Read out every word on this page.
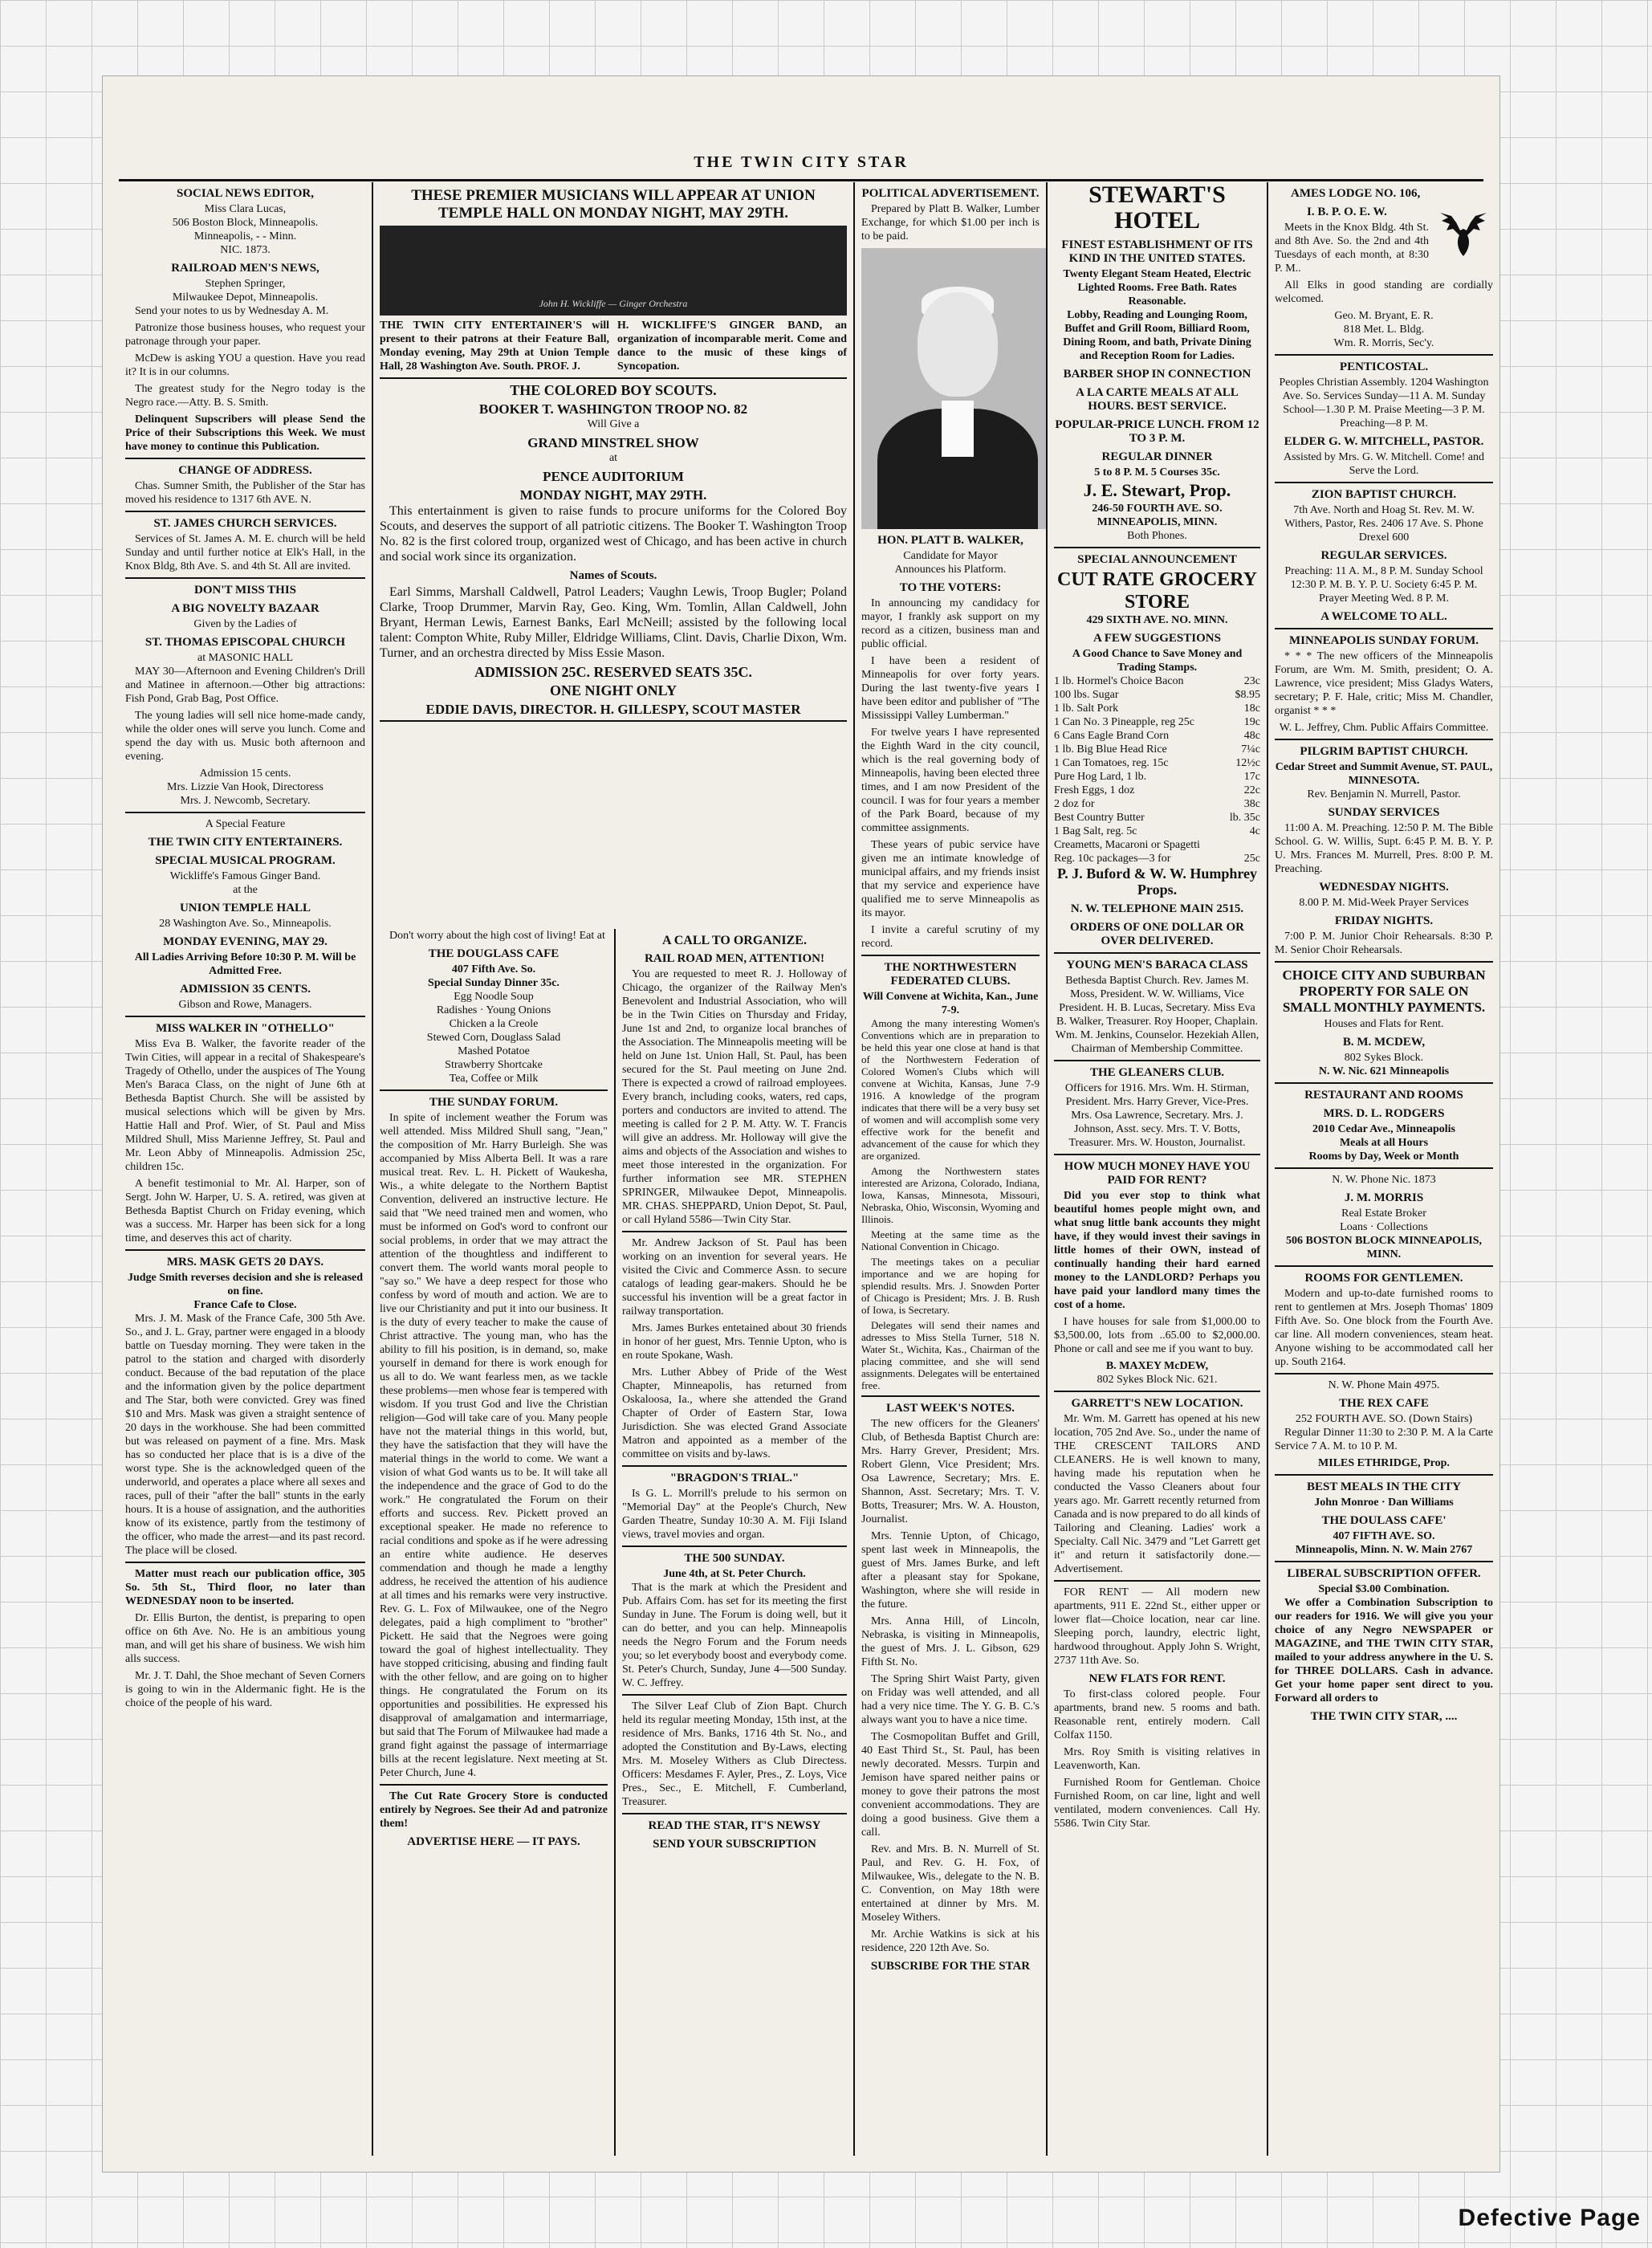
THE TWIN CITY STAR
SOCIAL NEWS EDITOR,
Miss Clara Lucas,
506 Boston Block, Minneapolis.
Minneapolis, - - Minn.
NIC. 1873.
RAILROAD MEN'S NEWS,
Stephen Springer,
Milwaukee Depot, Minneapolis.

Send your notes to us by Wednesday A. M.

Patronize those business houses, who request your patronage through your paper.

McDew is asking YOU a question. Have you read it? It is in our columns.

The greatest study for the Negro today is the Negro race.—Atty. B. S. Smith.

Delinquent Supscribers will please Send the Price of their Subscriptions this Week. We must have money to continue this Publication.

CHANGE OF ADDRESS.

Chas. Sumner Smith, the Publisher of the Star has moved his residence to 1317 6th AVE. N.

ST. JAMES CHURCH SERVICES.

Services of St. James A. M. E. church will be held Sunday and until further notice at Elk's Hall, in the Knox Bldg, 8th Ave. S. and 4th St. All are invited.

DON'T MISS THIS
A BIG NOVELTY BAZAAR
Given by the Ladies of
ST. THOMAS EPISCOPAL CHURCH
at MASONIC HALL

MAY 30—Afternoon and Evening Children's Drill and Matinee in afternoon.—Other big attractions: Fish Pond, Grab Bag, Post Office.

The young ladies will sell nice home-made candy, while the older ones will serve you lunch. Come and spend the day with us. Music both afternoon and evening.

Admission 15 cents.
Mrs. Lizzie Van Hook, Directoress
Mrs. J. Newcomb, Secretary.
A Special Feature
THE TWIN CITY ENTERTAINERS.
SPECIAL MUSICAL PROGRAM.
Wickliffe's Famous Ginger Band.
at the
UNION TEMPLE HALL
28 Washington Ave. So., Minneapolis.
MONDAY EVENING, MAY 29.
All Ladies Arriving Before 10:30 P. M. Will be Admitted Free.
ADMISSION 35 CENTS.
Gibson and Rowe, Managers.
MISS WALKER IN "OTHELLO"

Miss Eva B. Walker, the favorite reader of the Twin Cities, will appear in a recital of Shakespeare's Tragedy of Othello, under the auspices of The Young Men's Baraca Class, on the night of June 6th at Bethesda Baptist Church. She will be assisted by musical selections which will be given by Mrs. Hattie Hall and Prof. Wier, of St. Paul and Miss Mildred Shull, Miss Marienne Jeffrey, St. Paul and Mr. Leon Abby of Minneapolis. Admission 25c, children 15c.

A benefit testimonial to Mr. Al. Harper, son of Sergt. John W. Harper, U. S. A. retired, was given at Bethesda Baptist Church on Friday evening, which was a success. Mr. Harper has been sick for a long time, and deserves this act of charity.

MRS. MASK GETS 20 DAYS.
Judge Smith reverses decision and she is released on fine.
France Cafe to Close.

Mrs. J. M. Mask of the France Cafe, 300 5th Ave. So., and J. L. Gray, partner were engaged in a bloody battle on Tuesday morning. They were taken in the patrol to the station and charged with disorderly conduct. Because of the bad reputation of the place and the information given by the police department and The Star, both were convicted. Grey was fined $10 and Mrs. Mask was given a straight sentence of 20 days in the workhouse. She had been committed but was released on payment of a fine. Mrs. Mask has so conducted her place that is is a dive of the worst type. She is the acknowledged queen of the underworld, and operates a place where all sexes and races, pull of their "after the ball" stunts in the early hours. It is a house of assignation, and the authorities know of its existence, partly from the testimony of the officer, who made the arrest—and its past record. The place will be closed.

Matter must reach our publication office, 305 So. 5th St., Third floor, no later than WEDNESDAY noon to be inserted.

Dr. Ellis Burton, the dentist, is preparing to open office on 6th Ave. No. He is an ambitious young man, and will get his share of business. We wish him alls success.

Mr. J. T. Dahl, the Shoe mechant of Seven Corners is going to win in the Aldermanic fight. He is the choice of the people of his ward.

THESE PREMIER MUSICIANS WILL APPEAR AT UNION TEMPLE HALL ON MONDAY NIGHT, MAY 29TH.
John H. Wickliffe — Ginger Orchestra
THE TWIN CITY ENTERTAINER'S will present to their patrons at their Feature Ball, Monday evening, May 29th at Union Temple Hall, 28 Washington Ave. South. PROF. J.
H. WICKLIFFE'S GINGER BAND, an organization of incomparable merit. Come and dance to the music of these kings of Syncopation.
THE COLORED BOY SCOUTS.
BOOKER T. WASHINGTON TROOP NO. 82
Will Give a
GRAND MINSTREL SHOW
at
PENCE AUDITORIUM
MONDAY NIGHT, MAY 29TH.

This entertainment is given to raise funds to procure uniforms for the Colored Boy Scouts, and deserves the support of all patriotic citizens. The Booker T. Washington Troop No. 82 is the first colored troup, organized west of Chicago, and has been active in church and social work since its organization.

Names of Scouts.

Earl Simms, Marshall Caldwell, Patrol Leaders; Vaughn Lewis, Troop Bugler; Poland Clarke, Troop Drummer, Marvin Ray, Geo. King, Wm. Tomlin, Allan Caldwell, John Bryant, Herman Lewis, Earnest Banks, Earl McNeill; assisted by the following local talent: Compton White, Ruby Miller, Eldridge Williams, Clint. Davis, Charlie Dixon, Wm. Turner, and an orchestra directed by Miss Essie Mason.

ADMISSION 25C. RESERVED SEATS 35C.
ONE NIGHT ONLY
EDDIE DAVIS, DIRECTOR. H. GILLESPY, SCOUT MASTER

Don't worry about the high cost of living! Eat at

THE DOUGLASS CAFE
407 Fifth Ave. So.
Special Sunday Dinner 35c.
Egg Noodle Soup
Radishes · Young Onions
Chicken a la Creole
Stewed Corn, Douglass Salad
Mashed Potatoe
Strawberry Shortcake
Tea, Coffee or Milk
THE SUNDAY FORUM.

In spite of inclement weather the Forum was well attended. Miss Mildred Shull sang, "Jean," the composition of Mr. Harry Burleigh. She was accompanied by Miss Alberta Bell. It was a rare musical treat. Rev. L. H. Pickett of Waukesha, Wis., a white delegate to the Northern Baptist Convention, delivered an instructive lecture. He said that "We need trained men and women, who must be informed on God's word to confront our social problems, in order that we may attract the attention of the thoughtless and indifferent to convert them. The world wants moral people to "say so." We have a deep respect for those who confess by word of mouth and action. We are to live our Christianity and put it into our business. It is the duty of every teacher to make the cause of Christ attractive. The young man, who has the ability to fill his position, is in demand, so, make yourself in demand for there is work enough for us all to do. We want fearless men, as we tackle these problems—men whose fear is tempered with wisdom. If you trust God and live the Christian religion—God will take care of you. Many people have not the material things in this world, but, they have the satisfaction that they will have the material things in the world to come. We want a vision of what God wants us to be. It will take all the independence and the grace of God to do the work." He congratulated the Forum on their efforts and success. Rev. Pickett proved an exceptional speaker. He made no reference to racial conditions and spoke as if he were adressing an entire white audience. He deserves commendation and though he made a lengthy address, he received the attention of his audience at all times and his remarks were very instructive. Rev. G. L. Fox of Milwaukee, one of the Negro delegates, paid a high compliment to "brother" Pickett. He said that the Negroes were going toward the goal of highest intellectuality. They have stopped criticising, abusing and finding fault with the other fellow, and are going on to higher things. He congratulated the Forum on its opportunities and possibilities. He expressed his disapproval of amalgamation and intermarriage, but said that The Forum of Milwaukee had made a grand fight against the passage of intermarriage bills at the recent legislature. Next meeting at St. Peter Church, June 4.

The Cut Rate Grocery Store is conducted entirely by Negroes. See their Ad and patronize them!

ADVERTISE HERE — IT PAYS.
A CALL TO ORGANIZE.
RAIL ROAD MEN, ATTENTION!

You are requested to meet R. J. Holloway of Chicago, the organizer of the Railway Men's Benevolent and Industrial Association, who will be in the Twin Cities on Thursday and Friday, June 1st and 2nd, to organize local branches of the Association. The Minneapolis meeting will be held on June 1st. Union Hall, St. Paul, has been secured for the St. Paul meeting on June 2nd. There is expected a crowd of railroad employees. Every branch, including cooks, waters, red caps, porters and conductors are invited to attend. The meeting is called for 2 P. M. Atty. W. T. Francis will give an address. Mr. Holloway will give the aims and objects of the Association and wishes to meet those interested in the organization. For further information see MR. STEPHEN SPRINGER, Milwaukee Depot, Minneapolis. MR. CHAS. SHEPPARD, Union Depot, St. Paul, or call Hyland 5586—Twin City Star.

Mr. Andrew Jackson of St. Paul has been working on an invention for several years. He visited the Civic and Commerce Assn. to secure catalogs of leading gear-makers. Should he be successful his invention will be a great factor in railway transportation.

Mrs. James Burkes entetained about 30 friends in honor of her guest, Mrs. Tennie Upton, who is en route Spokane, Wash.

Mrs. Luther Abbey of Pride of the West Chapter, Minneapolis, has returned from Oskaloosa, Ia., where she attended the Grand Chapter of Order of Eastern Star, Iowa Jurisdiction. She was elected Grand Associate Matron and appointed as a member of the committee on visits and by-laws.

"BRAGDON'S TRIAL."

Is G. L. Morrill's prelude to his sermon on "Memorial Day" at the People's Church, New Garden Theatre, Sunday 10:30 A. M. Fiji Island views, travel movies and organ.

THE 500 SUNDAY.
June 4th, at St. Peter Church.

That is the mark at which the President and Pub. Affairs Com. has set for its meeting the first Sunday in June. The Forum is doing well, but it can do better, and you can help. Minneapolis needs the Negro Forum and the Forum needs you; so let everybody boost and everybody come. St. Peter's Church, Sunday, June 4—500 Sunday. W. C. Jeffrey.

The Silver Leaf Club of Zion Bapt. Church held its regular meeting Monday, 15th inst, at the residence of Mrs. Banks, 1716 4th St. No., and adopted the Constitution and By-Laws, electing Mrs. M. Moseley Withers as Club Directess. Officers: Mesdames F. Ayler, Pres., Z. Loys, Vice Pres., Sec., E. Mitchell, F. Cumberland, Treasurer.

READ THE STAR, IT'S NEWSY
SEND YOUR SUBSCRIPTION
POLITICAL ADVERTISEMENT.

Prepared by Platt B. Walker, Lumber Exchange, for which $1.00 per inch is to be paid.

HON. PLATT B. WALKER,
Candidate for Mayor
Announces his Platform.
TO THE VOTERS:

In announcing my candidacy for mayor, I frankly ask support on my record as a citizen, business man and public official.

I have been a resident of Minneapolis for over forty years. During the last twenty-five years I have been editor and publisher of "The Mississippi Valley Lumberman."

For twelve years I have represented the Eighth Ward in the city council, which is the real governing body of Minneapolis, having been elected three times, and I am now President of the council. I was for four years a member of the Park Board, because of my committee assignments.

These years of pubic service have given me an intimate knowledge of municipal affairs, and my friends insist that my service and experience have qualified me to serve Minneapolis as its mayor.

I invite a careful scrutiny of my record.

THE NORTHWESTERN FEDERATED CLUBS.
Will Convene at Wichita, Kan., June 7-9.

Among the many interesting Women's Conventions which are in preparation to be held this year one close at hand is that of the Northwestern Federation of Colored Women's Clubs which will convene at Wichita, Kansas, June 7-9 1916. A knowledge of the program indicates that there will be a very busy set of women and will accomplish some very effective work for the benefit and advancement of the cause for which they are organized.

Among the Northwestern states interested are Arizona, Colorado, Indiana, Iowa, Kansas, Minnesota, Missouri, Nebraska, Ohio, Wisconsin, Wyoming and Illinois.

Meeting at the same time as the National Convention in Chicago.

The meetings takes on a peculiar importance and we are hoping for splendid results. Mrs. J. Snowden Porter of Chicago is President; Mrs. J. B. Rush of Iowa, is Secretary.

Delegates will send their names and adresses to Miss Stella Turner, 518 N. Water St., Wichita, Kas., Chairman of the placing committee, and she will send assignments. Delegates will be entertained free.

LAST WEEK'S NOTES.

The new officers for the Gleaners' Club, of Bethesda Baptist Church are: Mrs. Harry Grever, President; Mrs. Robert Glenn, Vice President; Mrs. Osa Lawrence, Secretary; Mrs. E. Shannon, Asst. Secretary; Mrs. T. V. Botts, Treasurer; Mrs. W. A. Houston, Journalist.

Mrs. Tennie Upton, of Chicago, spent last week in Minneapolis, the guest of Mrs. James Burke, and left after a pleasant stay for Spokane, Washington, where she will reside in the future.

Mrs. Anna Hill, of Lincoln, Nebraska, is visiting in Minneapolis, the guest of Mrs. J. L. Gibson, 629 Fifth St. No.

The Spring Shirt Waist Party, given on Friday was well attended, and all had a very nice time. The Y. G. B. C.'s always want you to have a nice time.

The Cosmopolitan Buffet and Grill, 40 East Third St., St. Paul, has been newly decorated. Messrs. Turpin and Jemison have spared neither pains or money to gove their patrons the most convenient accommodations. They are doing a good business. Give them a call.

Rev. and Mrs. B. N. Murrell of St. Paul, and Rev. G. H. Fox, of Milwaukee, Wis., delegate to the N. B. C. Convention, on May 18th were entertained at dinner by Mrs. M. Moseley Withers.

Mr. Archie Watkins is sick at his residence, 220 12th Ave. So.

SUBSCRIBE FOR THE STAR
STEWART'S HOTEL
FINEST ESTABLISHMENT OF ITS KIND IN THE UNITED STATES.
Twenty Elegant Steam Heated, Electric Lighted Rooms. Free Bath. Rates Reasonable.
Lobby, Reading and Lounging Room, Buffet and Grill Room, Billiard Room, Dining Room, and bath, Private Dining and Reception Room for Ladies.
BARBER SHOP IN CONNECTION
A LA CARTE MEALS AT ALL HOURS. BEST SERVICE.
POPULAR-PRICE LUNCH. FROM 12 TO 3 P. M.
REGULAR DINNER
5 to 8 P. M. 5 Courses 35c.
J. E. Stewart, Prop.
246-50 FOURTH AVE. SO. MINNEAPOLIS, MINN.
Both Phones.
SPECIAL ANNOUNCEMENT
CUT RATE GROCERY STORE
429 SIXTH AVE. NO. MINN.
A FEW SUGGESTIONS
A Good Chance to Save Money and Trading Stamps.
1 lb. Hormel's Choice Bacon	23c
100 lbs. Sugar	$8.95
1 lb. Salt Pork	18c
1 Can No. 3 Pineapple, reg 25c	19c
6 Cans Eagle Brand Corn	48c
1 lb. Big Blue Head Rice	7¼c
1 Can Tomatoes, reg. 15c	12½c
Pure Hog Lard, 1 lb.	17c
Fresh Eggs, 1 doz	22c
2 doz for	38c
Best Country Butter	lb. 35c
1 Bag Salt, reg. 5c	4c
Creametts, Macaroni or Spagetti
Reg. 10c packages—3 for	25c
P. J. Buford & W. W. Humphrey Props.
N. W. TELEPHONE MAIN 2515.
ORDERS OF ONE DOLLAR OR OVER DELIVERED.
YOUNG MEN'S BARACA CLASS

Bethesda Baptist Church. Rev. James M. Moss, President. W. W. Williams, Vice President. H. B. Lucas, Secretary. Miss Eva B. Walker, Treasurer. Roy Hooper, Chaplain. Wm. M. Jenkins, Counselor. Hezekiah Allen, Chairman of Membership Committee.

THE GLEANERS CLUB.

Officers for 1916. Mrs. Wm. H. Stirman, President. Mrs. Harry Grever, Vice-Pres. Mrs. Osa Lawrence, Secretary. Mrs. J. Johnson, Asst. secy. Mrs. T. V. Botts, Treasurer. Mrs. W. Houston, Journalist.

HOW MUCH MONEY HAVE YOU PAID FOR RENT?

Did you ever stop to think what beautiful homes people might own, and what snug little bank accounts they might have, if they would invest their savings in little homes of their OWN, instead of continually handing their hard earned money to the LANDLORD? Perhaps you have paid your landlord many times the cost of a home.

I have houses for sale from $1,000.00 to $3,500.00, lots from ..65.00 to $2,000.00. Phone or call and see me if you want to buy.

B. MAXEY McDEW,
802 Sykes Block Nic. 621.
GARRETT'S NEW LOCATION.

Mr. Wm. M. Garrett has opened at his new location, 705 2nd Ave. So., under the name of THE CRESCENT TAILORS AND CLEANERS. He is well known to many, having made his reputation when he conducted the Vasso Cleaners about four years ago. Mr. Garrett recently returned from Canada and is now prepared to do all kinds of Tailoring and Cleaning. Ladies' work a Specialty. Call Nic. 3479 and "Let Garrett get it" and return it satisfactorily done.—Advertisement.

FOR RENT — All modern new apartments, 911 E. 22nd St., either upper or lower flat—Choice location, near car line. Sleeping porch, laundry, electric light, hardwood throughout. Apply John S. Wright, 2737 11th Ave. So.

NEW FLATS FOR RENT.

To first-class colored people. Four apartments, brand new. 5 rooms and bath. Reasonable rent, entirely modern. Call Colfax 1150.

Mrs. Roy Smith is visiting relatives in Leavenworth, Kan.

Furnished Room for Gentleman. Choice Furnished Room, on car line, light and well ventilated, modern conveniences. Call Hy. 5586. Twin City Star.

AMES LODGE NO. 106,
I. B. P. O. E. W.

Meets in the Knox Bldg. 4th St. and 8th Ave. So. the 2nd and 4th Tuesdays of each month, at 8:30 P. M..

All Elks in good standing are cordially welcomed.

Geo. M. Bryant, E. R.
818 Met. L. Bldg.
Wm. R. Morris, Sec'y.
PENTICOSTAL.

Peoples Christian Assembly. 1204 Washington Ave. So. Services Sunday—11 A. M. Sunday School—1.30 P. M. Praise Meeting—3 P. M. Preaching—8 P. M.

ELDER G. W. MITCHELL, PASTOR.
Assisted by Mrs. G. W. Mitchell. Come! and Serve the Lord.
ZION BAPTIST CHURCH.

7th Ave. North and Hoag St. Rev. M. W. Withers, Pastor, Res. 2406 17 Ave. S. Phone Drexel 600

REGULAR SERVICES.

Preaching: 11 A. M., 8 P. M. Sunday School 12:30 P. M. B. Y. P. U. Society 6:45 P. M. Prayer Meeting Wed. 8 P. M.

A WELCOME TO ALL.
MINNEAPOLIS SUNDAY FORUM.

* * * The new officers of the Minneapolis Forum, are Wm. M. Smith, president; O. A. Lawrence, vice president; Miss Gladys Waters, secretary; P. F. Hale, critic; Miss M. Chandler, organist * * *

W. L. Jeffrey, Chm. Public Affairs Committee.
PILGRIM BAPTIST CHURCH.
Cedar Street and Summit Avenue, ST. PAUL, MINNESOTA.
Rev. Benjamin N. Murrell, Pastor.
SUNDAY SERVICES

11:00 A. M. Preaching. 12:50 P. M. The Bible School. G. W. Willis, Supt. 6:45 P. M. B. Y. P. U. Mrs. Frances M. Murrell, Pres. 8:00 P. M. Preaching.

WEDNESDAY NIGHTS.
8.00 P. M. Mid-Week Prayer Services
FRIDAY NIGHTS.

7:00 P. M. Junior Choir Rehearsals. 8:30 P. M. Senior Choir Rehearsals.

CHOICE CITY AND SUBURBAN PROPERTY FOR SALE ON SMALL MONTHLY PAYMENTS.
Houses and Flats for Rent.
B. M. MCDEW,
802 Sykes Block.
N. W. Nic. 621 Minneapolis
RESTAURANT AND ROOMS
MRS. D. L. RODGERS
2010 Cedar Ave., Minneapolis
Meals at all Hours
Rooms by Day, Week or Month
N. W. Phone Nic. 1873
J. M. MORRIS
Real Estate Broker
Loans · Collections
506 BOSTON BLOCK MINNEAPOLIS, MINN.
ROOMS FOR GENTLEMEN.

Modern and up-to-date furnished rooms to rent to gentlemen at Mrs. Joseph Thomas' 1809 Fifth Ave. So. One block from the Fourth Ave. car line. All modern conveniences, steam heat. Anyone wishing to be accommodated call her up. South 2164.

N. W. Phone Main 4975.
THE REX CAFE
252 FOURTH AVE. SO. (Down Stairs)

Regular Dinner 11:30 to 2:30 P. M. A la Carte Service 7 A. M. to 10 P. M.

MILES ETHRIDGE, Prop.
BEST MEALS IN THE CITY
John Monroe · Dan Williams
THE DOULASS CAFE'
407 FIFTH AVE. SO.
Minneapolis, Minn. N. W. Main 2767
LIBERAL SUBSCRIPTION OFFER.
Special $3.00 Combination.

We offer a Combination Subscription to our readers for 1916. We will give you your choice of any Negro NEWSPAPER or MAGAZINE, and THE TWIN CITY STAR, mailed to your address anywhere in the U. S. for THREE DOLLARS. Cash in advance. Get your home paper sent direct to you. Forward all orders to

THE TWIN CITY STAR, ....
Defective Page
